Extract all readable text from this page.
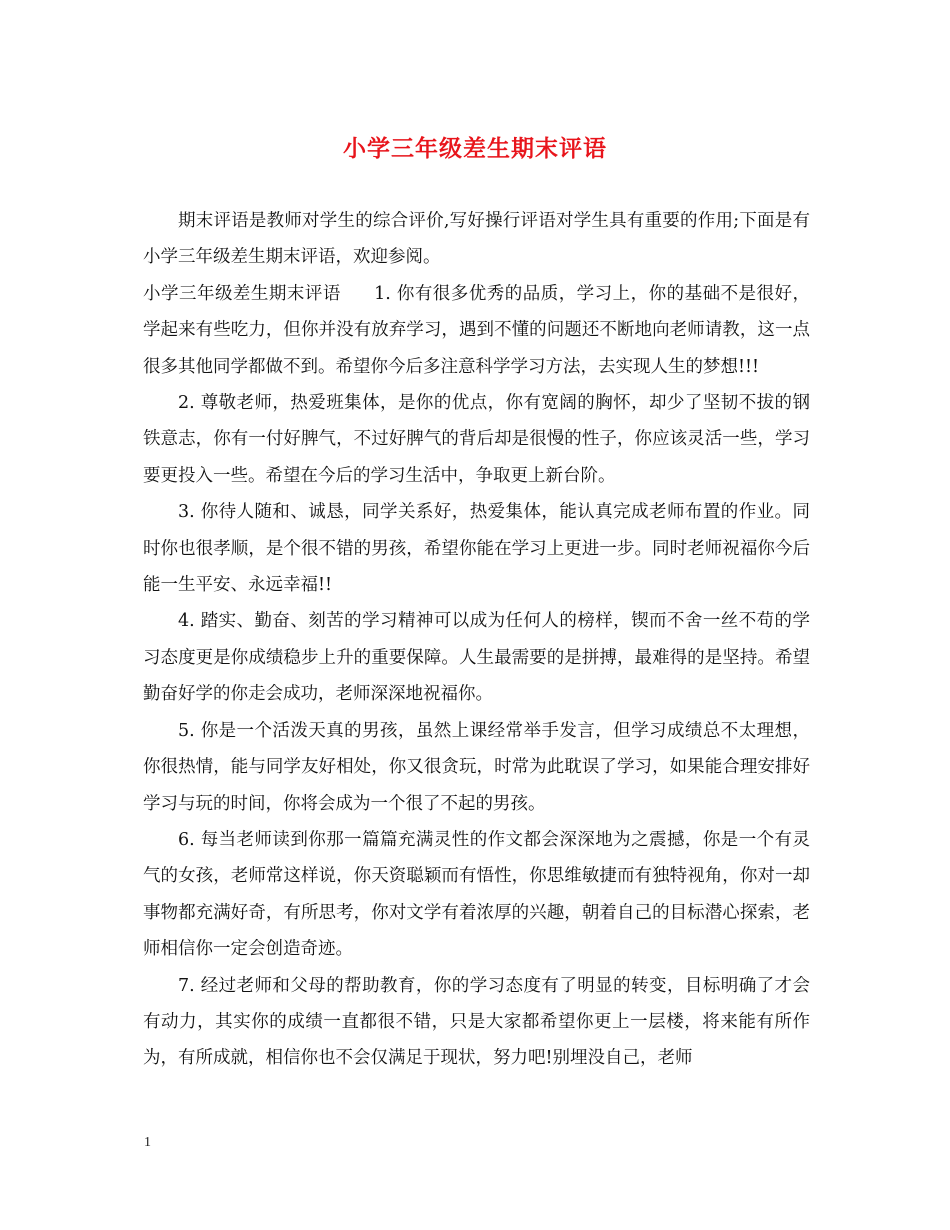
小学三年级差生期末评语

期末评语是教师对学生的综合评价,写好操行评语对学生具有重要的作用;下面是有小学三年级差生期末评语，欢迎参阅。

小学三年级差生期末评语 1. 你有很多优秀的品质，学习上，你的基础不是很好，学起来有些吃力，但你并没有放弃学习，遇到不懂的问题还不断地向老师请教，这一点很多其他同学都做不到。希望你今后多注意科学学习方法，去实现人生的梦想!!!

2. 尊敬老师，热爱班集体，是你的优点，你有宽阔的胸怀，却少了坚韧不拔的钢铁意志，你有一付好脾气，不过好脾气的背后却是很慢的性子，你应该灵活一些，学习要更投入一些。希望在今后的学习生活中，争取更上新台阶。

3. 你待人随和、诚恳，同学关系好，热爱集体，能认真完成老师布置的作业。同时你也很孝顺，是个很不错的男孩，希望你能在学习上更进一步。同时老师祝福你今后能一生平安、永远幸福!!

4. 踏实、勤奋、刻苦的学习精神可以成为任何人的榜样，锲而不舍一丝不苟的学习态度更是你成绩稳步上升的重要保障。人生最需要的是拼搏，最难得的是坚持。希望勤奋好学的你走会成功，老师深深地祝福你。

5. 你是一个活泼天真的男孩，虽然上课经常举手发言，但学习成绩总不太理想，你很热情，能与同学友好相处，你又很贪玩，时常为此耽误了学习，如果能合理安排好学习与玩的时间，你将会成为一个很了不起的男孩。

6. 每当老师读到你那一篇篇充满灵性的作文都会深深地为之震撼，你是一个有灵气的女孩，老师常这样说，你天资聪颖而有悟性，你思维敏捷而有独特视角，你对一却事物都充满好奇，有所思考，你对文学有着浓厚的兴趣，朝着自己的目标潜心探索，老师相信你一定会创造奇迹。

7. 经过老师和父母的帮助教育，你的学习态度有了明显的转变，目标明确了才会有动力，其实你的成绩一直都很不错，只是大家都希望你更上一层楼，将来能有所作为，有所成就，相信你也不会仅满足于现状，努力吧!别埋没自己，老师

1
